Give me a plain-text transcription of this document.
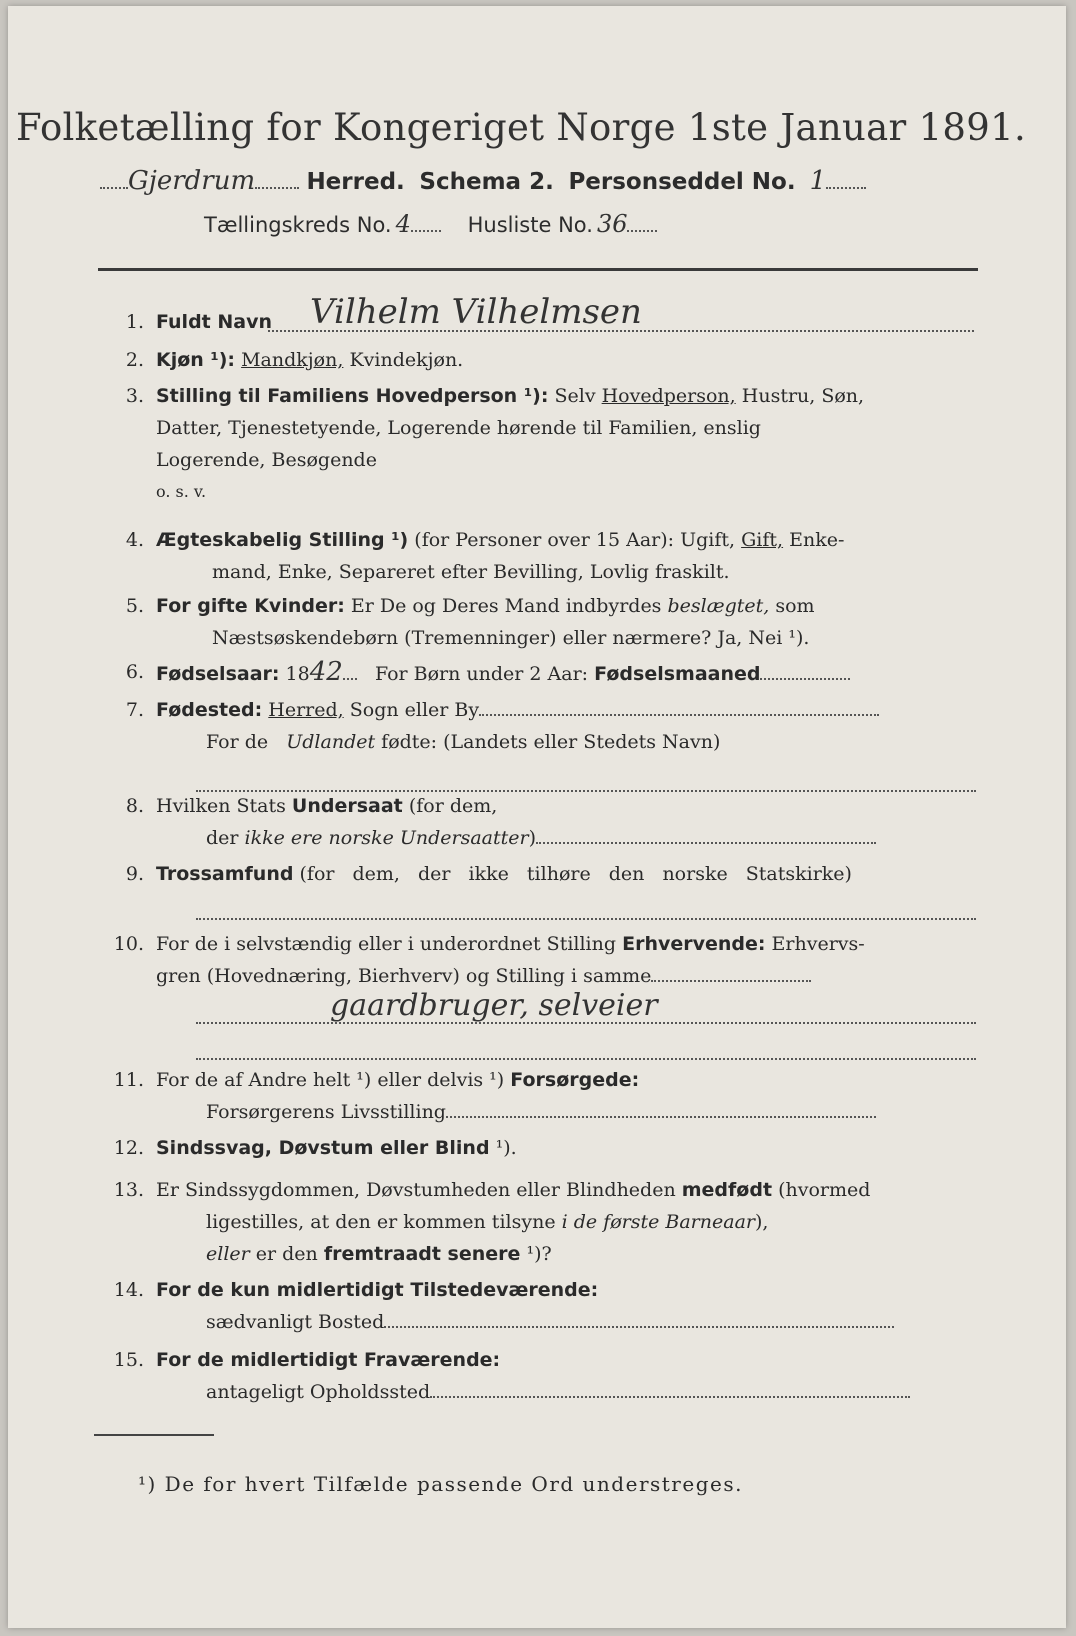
Folketælling for Kongeriget Norge 1ste Januar 1891.
Gjerdrum Herred. Schema 2. Personseddel No. 1
Tællingskreds No. 4	Husliste No. 36
1. Fuldt Navn Vilhelm Vilhelmsen
2. Kjøn ¹): Mandkjøn, Kvindekjøn.
3. Stilling til Familiens Hovedperson ¹): Selv Hovedperson, Hustru, Søn,
Datter, Tjenestetyende, Logerende hørende til Familien, enslig
Logerende, Besøgende
o. s. v.
4. Ægteskabelig Stilling ¹) (for Personer over 15 Aar): Ugift, Gift, Enke-
mand, Enke, Separeret efter Bevilling, Lovlig fraskilt.
5. For gifte Kvinder: Er De og Deres Mand indbyrdes beslægtet, som
Næstsøskendebørn (Tremenninger) eller nærmere? Ja, Nei ¹).
6. Fødselsaar: 1842 For Børn under 2 Aar: Fødselsmaaned
7. Fødested: Herred, Sogn eller By
For de Udlandet fødte: (Landets eller Stedets Navn)
8. Hvilken Stats Undersaat (for dem,
der ikke ere norske Undersaatter)
9. Trossamfund (for dem, der ikke tilhøre den norske Statskirke)
10. For de i selvstændig eller i underordnet Stilling Erhvervende: Erhvervs-
gren (Hovednæring, Bierhverv) og Stilling i samme
gaardbruger, selveier
11. For de af Andre helt ¹) eller delvis ¹) Forsørgede:
Forsørgerens Livsstilling
12. Sindssvag, Døvstum eller Blind ¹).
13. Er Sindssygdommen, Døvstumheden eller Blindheden medfødt (hvormed
ligestilles, at den er kommen tilsyne i de første Barneaar),
eller er den fremtraadt senere ¹)?
14. For de kun midlertidigt Tilstedeværende:
sædvanligt Bosted
15. For de midlertidigt Fraværende:
antageligt Opholdssted
¹) De for hvert Tilfælde passende Ord understreges.
